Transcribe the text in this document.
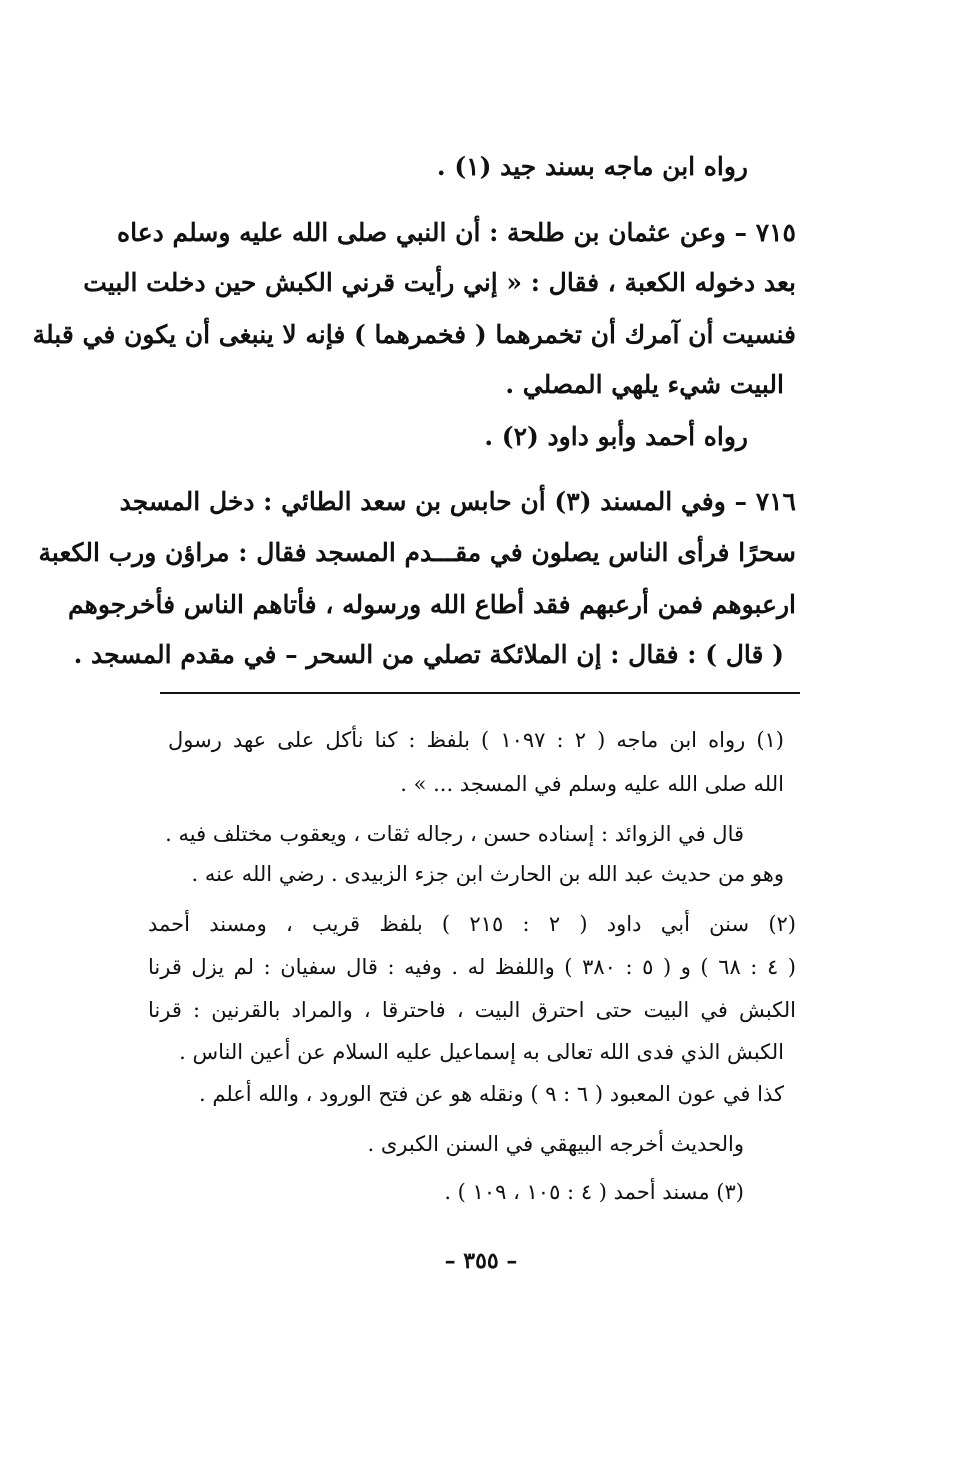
رواه ابن ماجه بسند جيد (١) .
٧١٥ – وعن عثمان بن طلحة : أن النبي صلى الله عليه وسلم دعاه
بعد دخوله الكعبة ، فقال : « إني رأيت قرني الكبش حين دخلت البيت
فنسيت أن آمرك أن تخمرهما ( فخمرهما ) فإنه لا ينبغى أن يكون في قبلة
البيت شيء يلهي المصلي .
رواه أحمد وأبو داود (٢) .
٧١٦ – وفي المسند (٣) أن حابس بن سعد الطائي : دخل المسجد
سحرًا فرأى الناس يصلون في مقـــدم المسجد فقال : مراؤن ورب الكعبة
ارعبوهم فمن أرعبهم فقد أطاع الله ورسوله ، فأتاهم الناس فأخرجوهم
( قال ) : فقال : إن الملائكة تصلي من السحر – في مقدم المسجد .
(١) رواه ابن ماجه ( ٢ : ١٠٩٧ ) بلفظ : كنا نأكل على عهد رسول
الله صلى الله عليه وسلم في المسجد ... » .
قال في الزوائد : إسناده حسن ، رجاله ثقات ، ويعقوب مختلف فيه .
وهو من حديث عبد الله بن الحارث ابن جزء الزبيدى . رضي الله عنه .
(٢) سنن أبي داود ( ٢ : ٢١٥ ) بلفظ قريب ، ومسند أحمد
( ٤ : ٦٨ ) و ( ٥ : ٣٨٠ ) واللفظ له . وفيه : قال سفيان : لم يزل قرنا
الكبش في البيت حتى احترق البيت ، فاحترقا ، والمراد بالقرنين : قرنا
الكبش الذي فدى الله تعالى به إسماعيل عليه السلام عن أعين الناس .
كذا في عون المعبود ( ٦ : ٩ ) ونقله هو عن فتح الورود ، والله أعلم .
والحديث أخرجه البيهقي في السنن الكبرى .
(٣) مسند أحمد ( ٤ : ١٠٥ ، ١٠٩ ) .
– ٣٥٥ –
